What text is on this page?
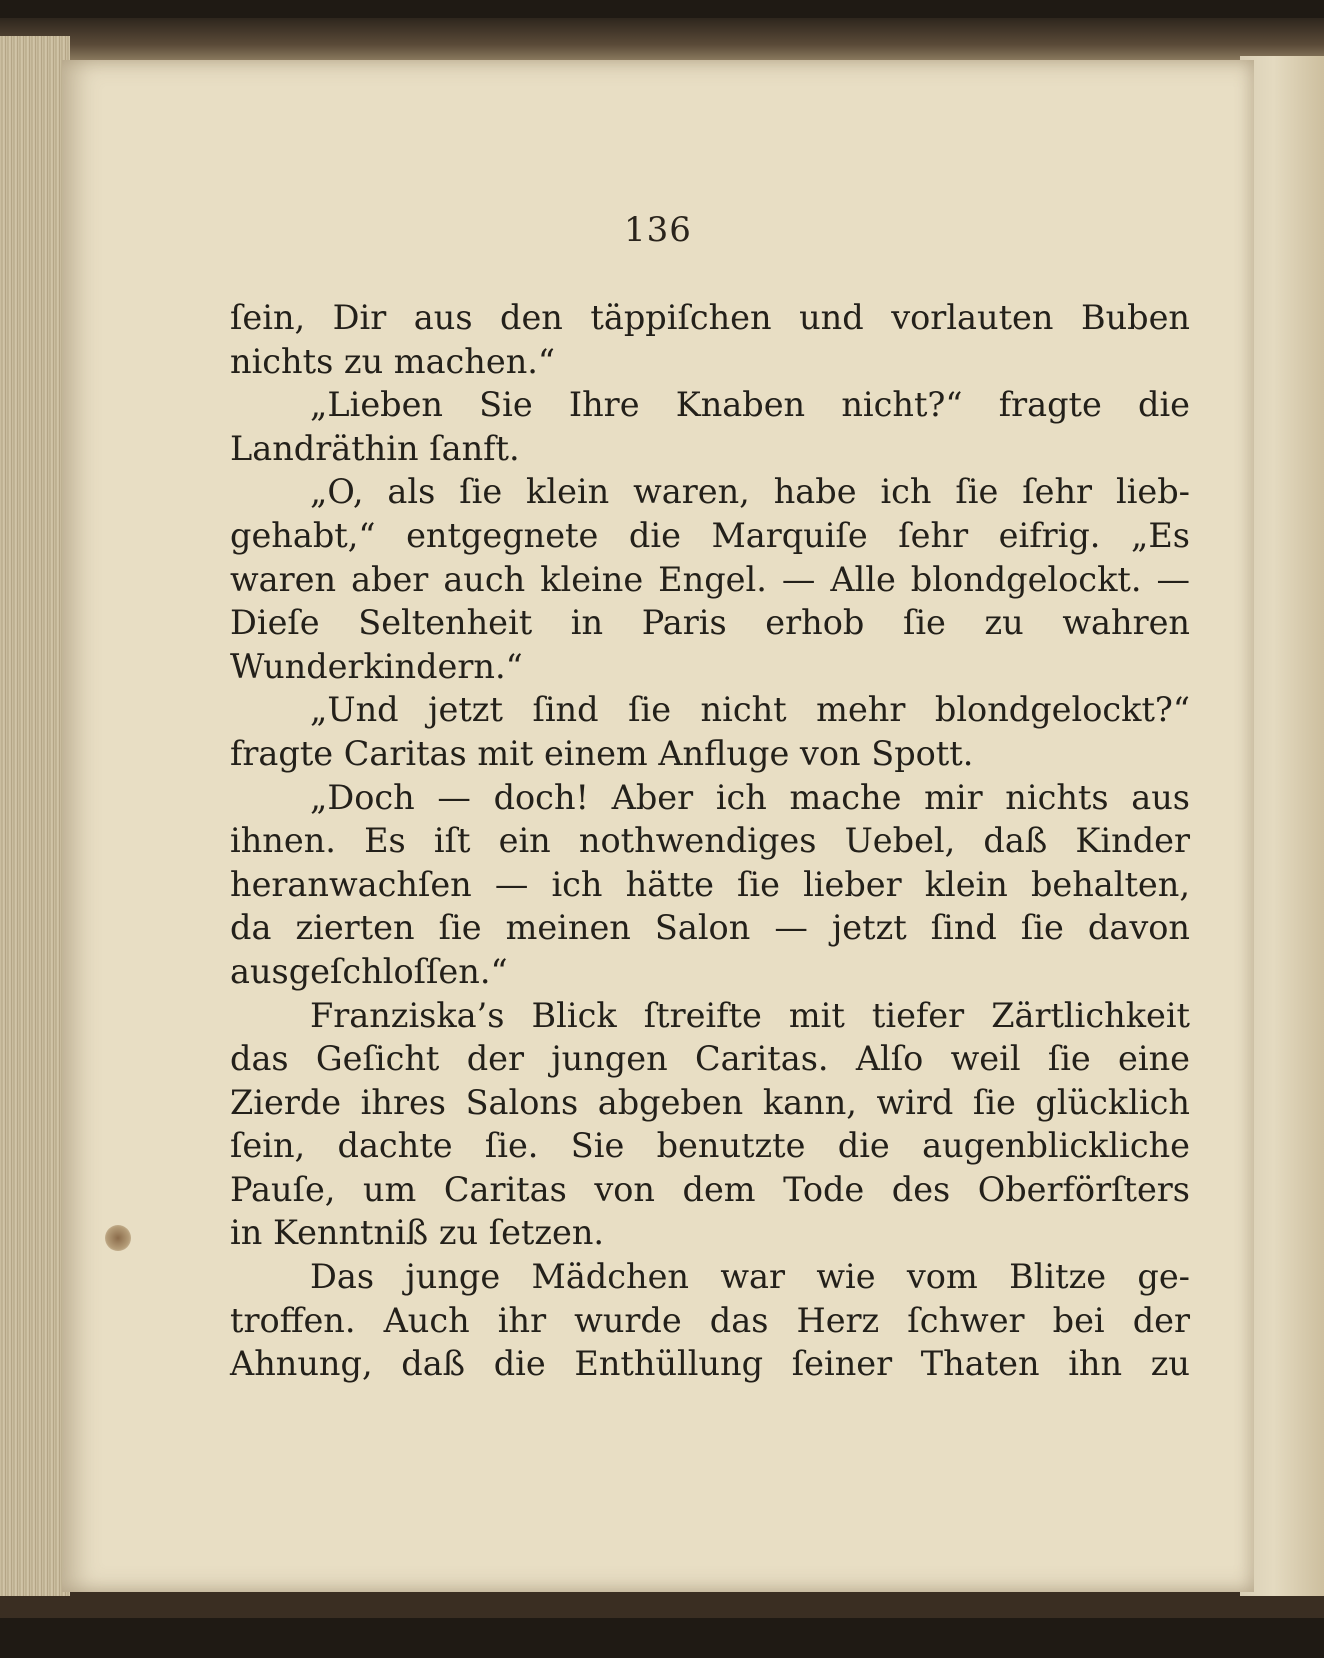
136
ſein, Dir aus den täppiſchen und vorlauten Buben
nichts zu machen.“
„Lieben Sie Ihre Knaben nicht?“ fragte die
Landräthin ſanft.
„O, als ſie klein waren, habe ich ſie ſehr lieb-
gehabt,“ entgegnete die Marquiſe ſehr eifrig. „Es
waren aber auch kleine Engel. — Alle blondgelockt. —
Dieſe Seltenheit in Paris erhob ſie zu wahren
Wunderkindern.“
„Und jetzt ſind ſie nicht mehr blondgelockt?“
fragte Caritas mit einem Anfluge von Spott.
„Doch — doch! Aber ich mache mir nichts aus
ihnen. Es iſt ein nothwendiges Uebel, daß Kinder
heranwachſen — ich hätte ſie lieber klein behalten,
da zierten ſie meinen Salon — jetzt ſind ſie davon
ausgeſchloſſen.“
Franziska’s Blick ſtreifte mit tiefer Zärtlichkeit
das Geſicht der jungen Caritas. Alſo weil ſie eine
Zierde ihres Salons abgeben kann, wird ſie glücklich
ſein, dachte ſie. Sie benutzte die augenblickliche
Pauſe, um Caritas von dem Tode des Oberförſters
in Kenntniß zu ſetzen.
Das junge Mädchen war wie vom Blitze ge-
troffen. Auch ihr wurde das Herz ſchwer bei der
Ahnung, daß die Enthüllung ſeiner Thaten ihn zu
